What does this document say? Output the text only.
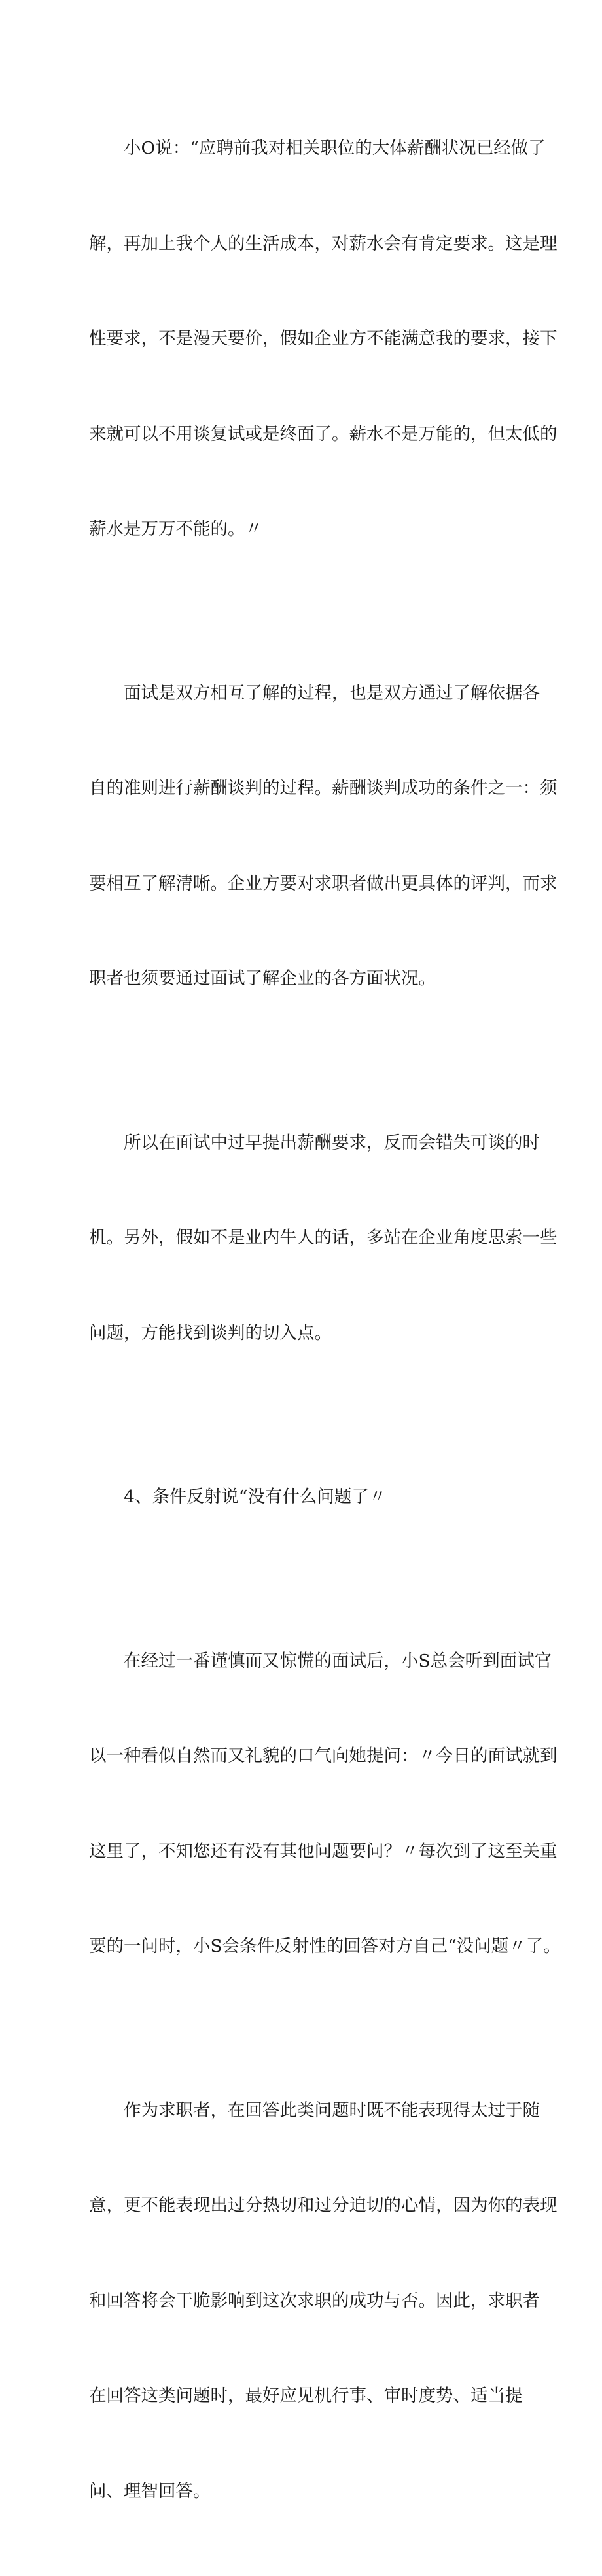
小O说：“应聘前我对相关职位的大体薪酬状况已经做了

解，再加上我个人的生活成本，对薪水会有肯定要求。这是理

性要求，不是漫天要价，假如企业方不能满意我的要求，接下

来就可以不用谈复试或是终面了。薪水不是万能的，但太低的

薪水是万万不能的。〃

面试是双方相互了解的过程，也是双方通过了解依据各

自的准则进行薪酬谈判的过程。薪酬谈判成功的条件之一：须

要相互了解清晰。企业方要对求职者做出更具体的评判，而求

职者也须要通过面试了解企业的各方面状况。

所以在面试中过早提出薪酬要求，反而会错失可谈的时

机。另外，假如不是业内牛人的话，多站在企业角度思索一些

问题，方能找到谈判的切入点。

4、条件反射说“没有什么问题了〃

在经过一番谨慎而又惊慌的面试后，小S总会听到面试官

以一种看似自然而又礼貌的口气向她提问：〃今日的面试就到

这里了，不知您还有没有其他问题要问？〃每次到了这至关重

要的一问时，小S会条件反射性的回答对方自己“没问题〃了。

作为求职者，在回答此类问题时既不能表现得太过于随

意，更不能表现出过分热切和过分迫切的心情，因为你的表现

和回答将会干脆影响到这次求职的成功与否。因此，求职者

在回答这类问题时，最好应见机行事、审时度势、适当提

问、理智回答。
